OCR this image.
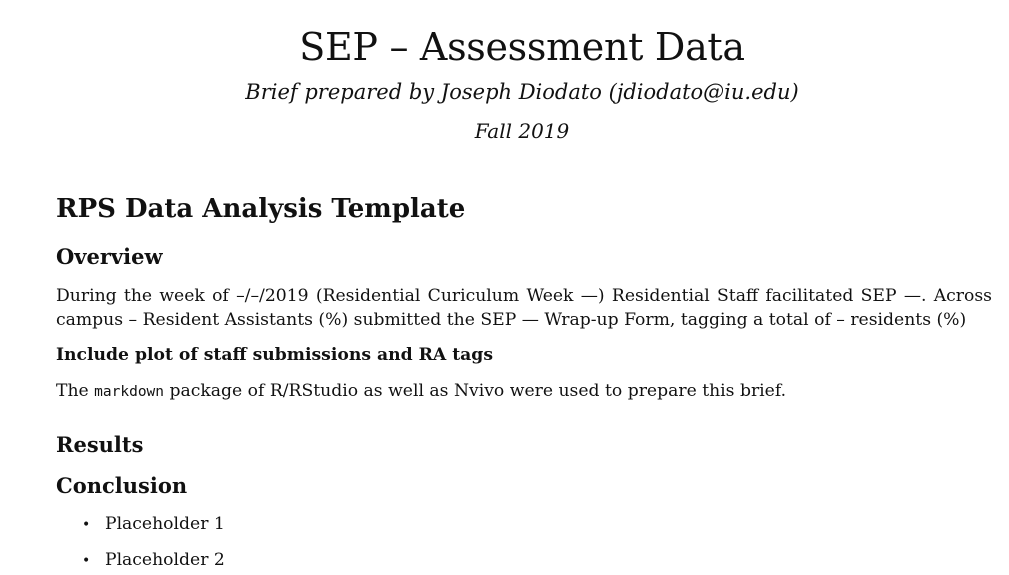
SEP – Assessment Data
Brief prepared by Joseph Diodato (jdiodato@iu.edu)
Fall 2019
RPS Data Analysis Template
Overview

During the week of –/–/2019 (Residential Curiculum Week —) Residential Staff facilitated SEP —. Across
campus – Resident Assistants (%) submitted the SEP — Wrap-up Form, tagging a total of – residents (%)

Include plot of staff submissions and RA tags

The markdown package of R/RStudio as well as Nvivo were used to prepare this brief.

Results
Conclusion
• Placeholder 1
• Placeholder 2
